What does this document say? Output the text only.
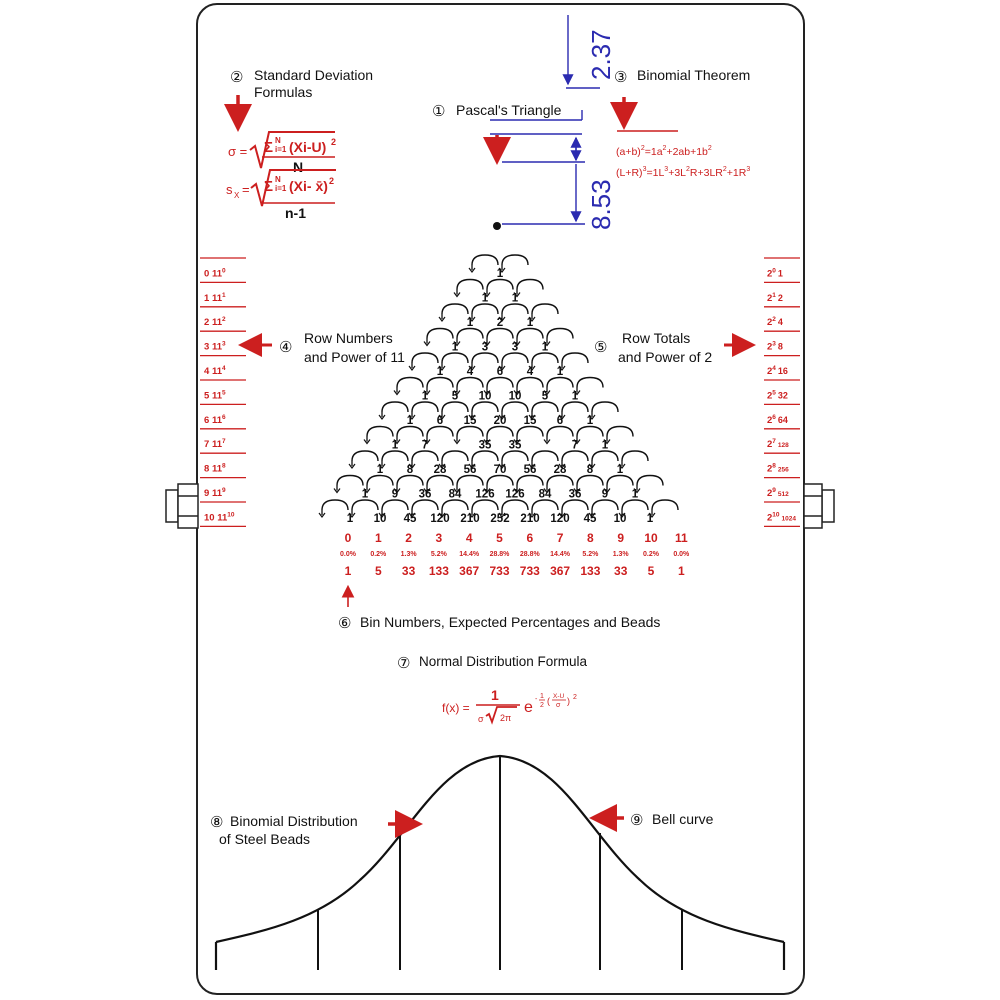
① Pascal's Triangle
2.37
8.53
② Standard Deviation
Formulas
σ = Σ N
i=1 (Xi-U) 2
N
s X = Σ N
i=1 (Xi- x̄) 2
n-1
③ Binomial Theorem
$(a+b)^2=1a^2+2ab+1b^2$
$(L+R)^3=1L^3+3L^2R+3LR^2+1R^3$
1
1 1
1 2 1
1 3 3 1
1 4 6 4 1
1 5 10 10 5 1
1 6 15 20 15 6 1
1 7	35 35	7 1
1 8 28 56 70 56 28 8 1
1 9 36 84 126 126 84 36 9 1
1 10 45 120 210 252 210 120 45 10 1
0 $11^0$
1 $11^1$
2 $11^2$
3 $11^3$
4 $11^4$
5 $11^5$
6 $11^6$
7 $11^7$
8 $11^8$
9 $11^9$
10 $11^{10}$
$2^0$ 1
$2^1$ 2
$2^2$ 4
$2^3$ 8
$2^4$ 16
$2^5$ 32
$2^6$ 64
$2^7_{128}$
$2^8_{256}$
$2^9_{512}$
$2^{10}_{1024}$
④
Row Numbers
and Power of 11
⑤
Row Totals
and Power of 2
0 1 2 3 4 5 6 7 8 9 10 11
0.0% 0.2% 1.3% 5.2% 14.4% 28.8% 28.8% 14.4% 5.2% 1.3% 0.2% 0.0%
1 5 33 133 367 733 733 367 133 33 5 1
⑥ Bin Numbers, Expected Percentages and Beads
⑦ Normal Distribution Formula
f(x) =
1
σ 2π
e - 1
2 ( X-U
σ ) 2
⑧ Binomial Distribution
of Steel Beads
⑨ Bell curve
